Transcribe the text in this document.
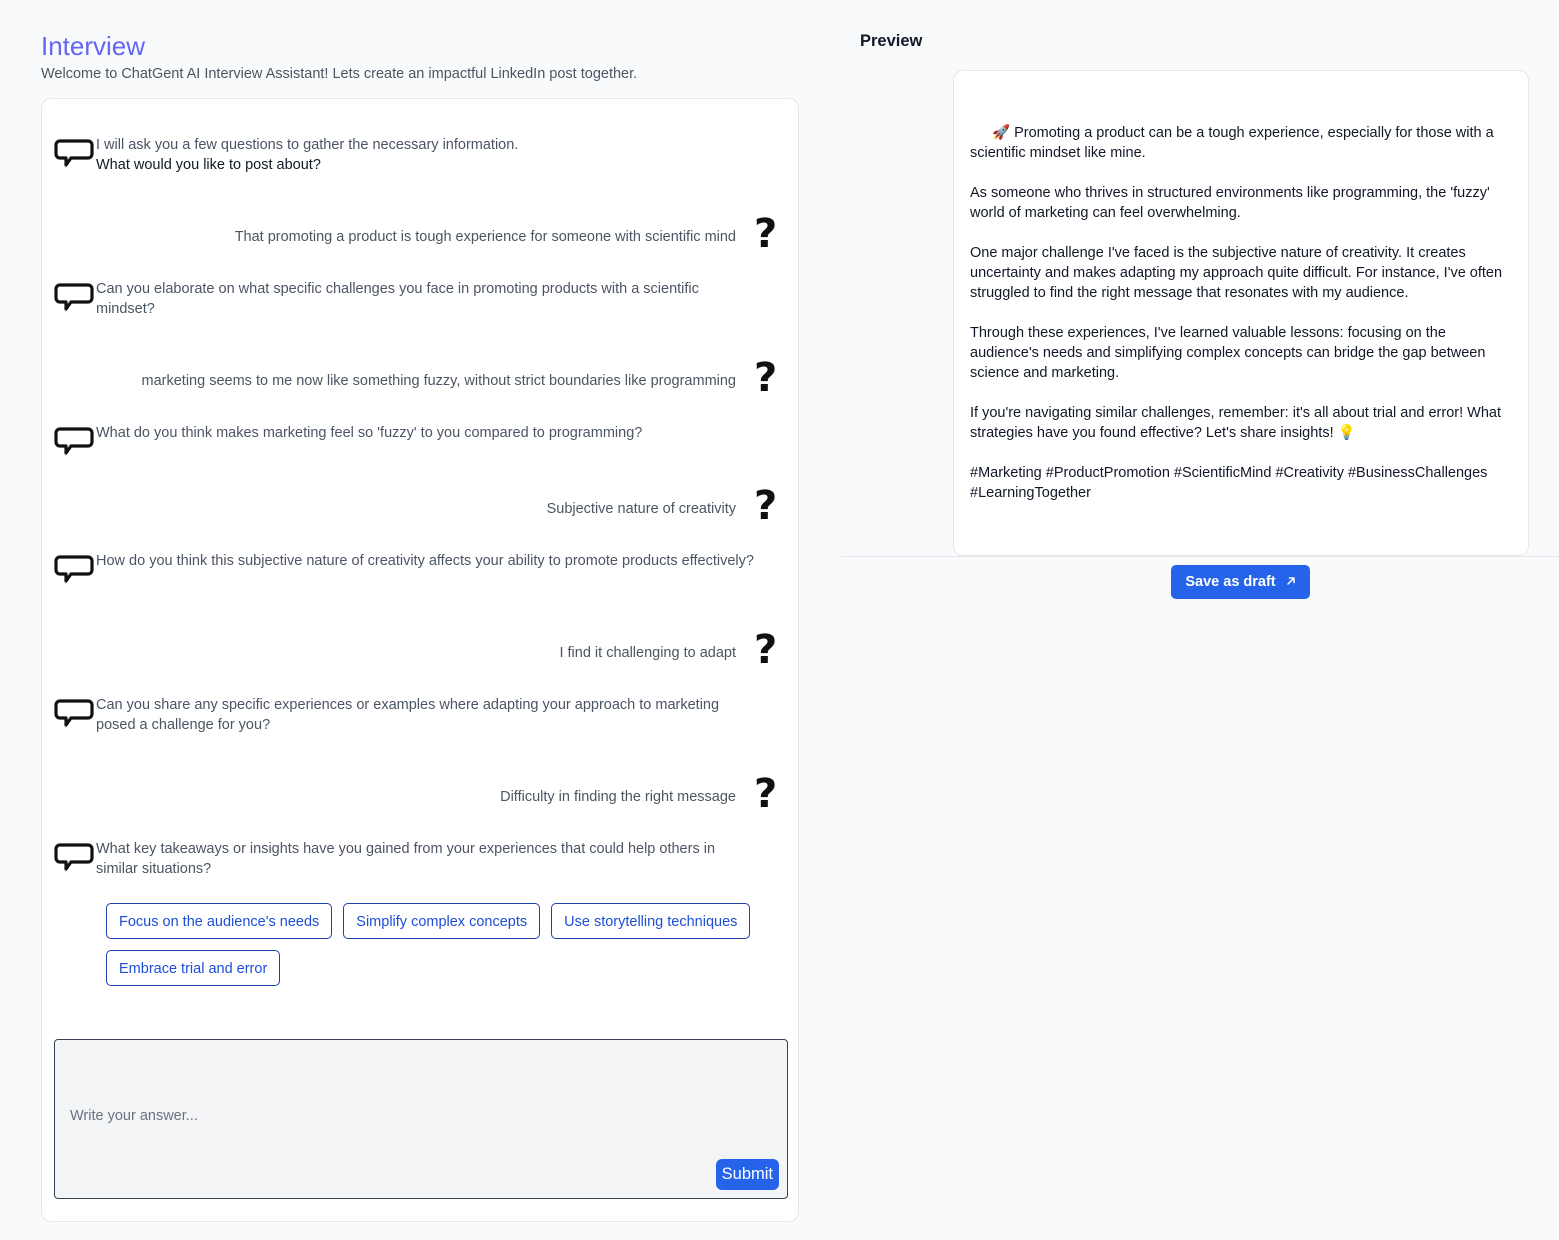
Interview
Welcome to ChatGent AI Interview Assistant! Lets create an impactful LinkedIn post together.
I will ask you a few questions to gather the necessary information.
What would you like to post about?
That promoting a product is tough experience for someone with scientific mind ?
Can you elaborate on what specific challenges you face in promoting products with a scientific mindset?
marketing seems to me now like something fuzzy, without strict boundaries like programming ?
What do you think makes marketing feel so 'fuzzy' to you compared to programming?
Subjective nature of creativity ?
How do you think this subjective nature of creativity affects your ability to promote products effectively?
I find it challenging to adapt ?
Can you share any specific experiences or examples where adapting your approach to marketing posed a challenge for you?
Difficulty in finding the right message ?
What key takeaways or insights have you gained from your experiences that could help others in similar situations?
Focus on the audience's needs	Simplify complex concepts	Use storytelling techniques
Embrace trial and error
Write your answer...
Submit
Preview

🚀 Promoting a product can be a tough experience, especially for those with a scientific mindset like mine.

As someone who thrives in structured environments like programming, the 'fuzzy' world of marketing can feel overwhelming.

One major challenge I've faced is the subjective nature of creativity. It creates uncertainty and makes adapting my approach quite difficult. For instance, I've often struggled to find the right message that resonates with my audience.

Through these experiences, I've learned valuable lessons: focusing on the audience's needs and simplifying complex concepts can bridge the gap between science and marketing.

If you're navigating similar challenges, remember: it's all about trial and error! What strategies have you found effective? Let's share insights! 💡

#Marketing #ProductPromotion #ScientificMind #Creativity #BusinessChallenges #LearningTogether

Save as draft
